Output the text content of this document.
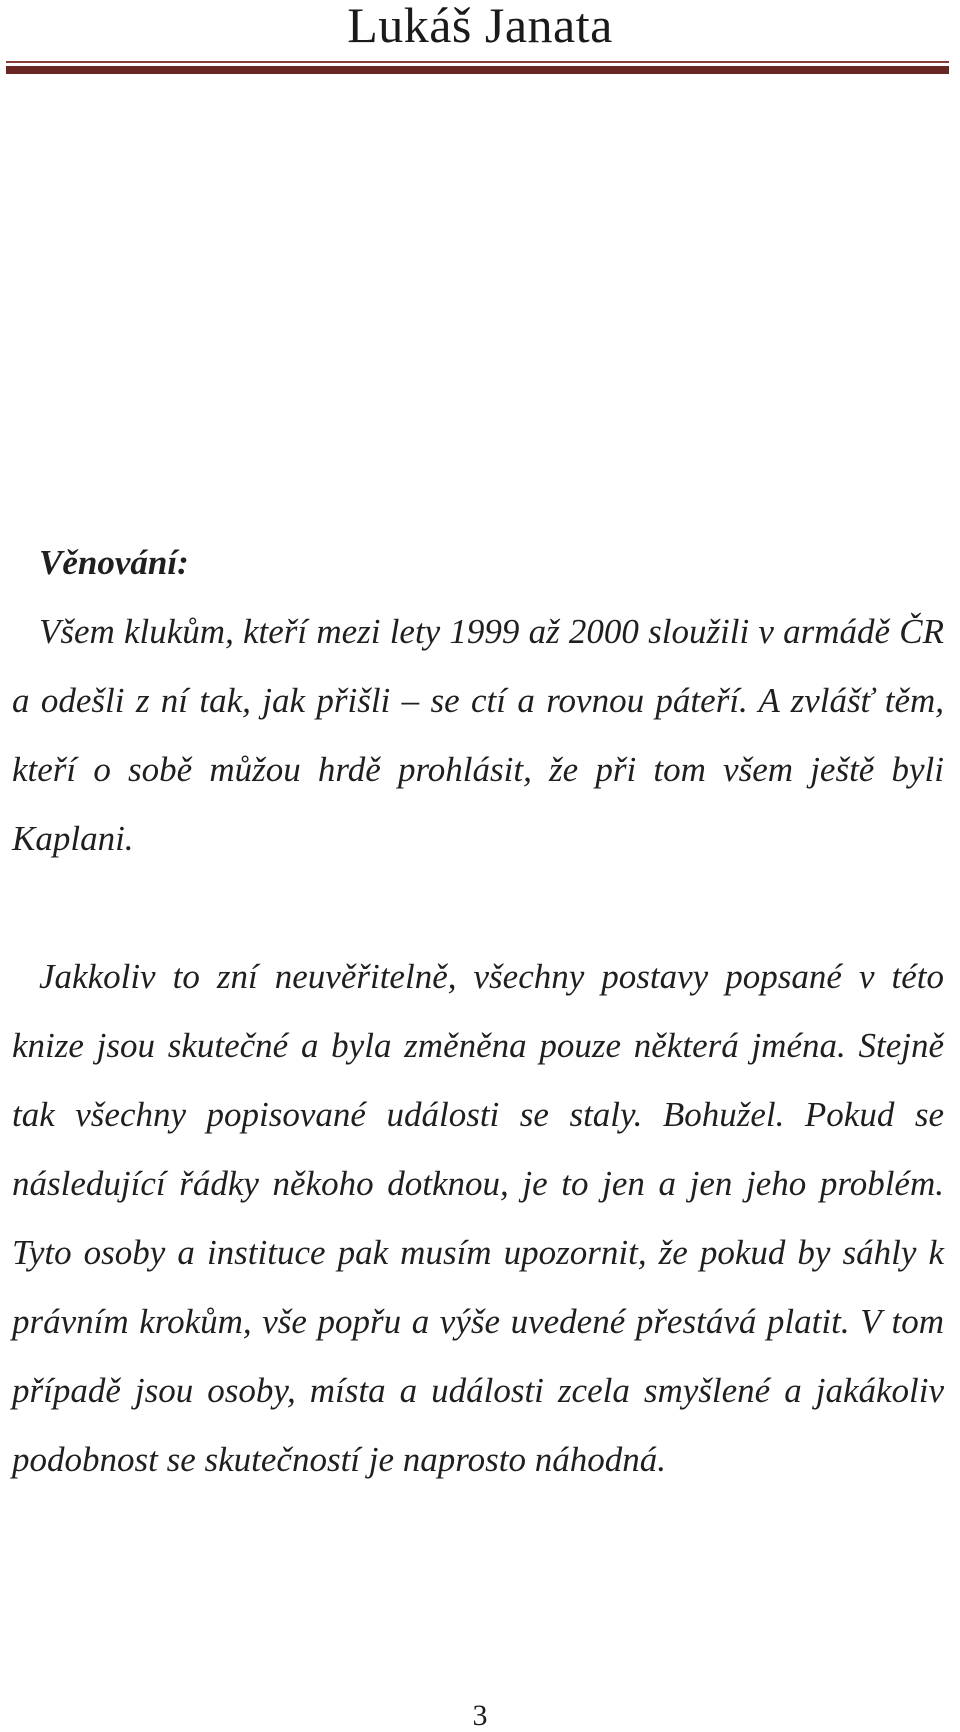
Lukáš Janata

Věnování:

Všem klukům, kteří mezi lety 1999 až 2000 sloužili v armádě ČR a odešli z ní tak, jak přišli – se ctí a rovnou páteří. A zvlášť těm, kteří o sobě můžou hrdě prohlásit, že při tom všem ještě byli Kaplani.

Jakkoliv to zní neuvěřitelně, všechny postavy popsané v této knize jsou skutečné a byla změněna pouze některá jména. Stejně tak všechny popisované události se staly. Bohužel. Pokud se následující řádky někoho dotknou, je to jen a jen jeho problém. Tyto osoby a instituce pak musím upozornit, že pokud by sáhly k právním krokům, vše popřu a výše uvedené přestává platit. V tom případě jsou osoby, místa a události zcela smyšlené a jakákoliv podobnost se skutečností je naprosto náhodná.

3
